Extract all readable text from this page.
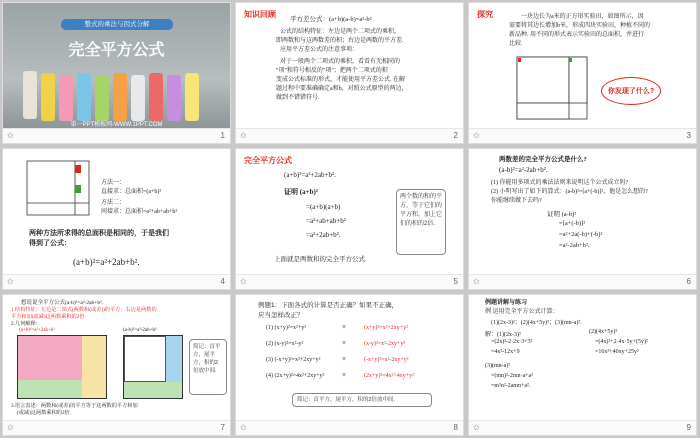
整式的乘法与因式分解
完全平方公式
第一PPT模板网-WWW.1PPT.COM
✩	1
知识回顾
平方差公式：(a+b)(a-b)=a²-b²
公式的结构特征：左边是两个二项式的乘积，
即两数和与这两数差的积；右边是两数的平方差.
应用平方差公式的注意事项：
对于一般两个二项式的乘积，看看有无相同的
"项"和符号相反的"项"；把两个二项式的积
变成公式标准的形式，才能使用平方差公式. 在解
题过程中要准确确定a和b，对照公式原型的两边，
做到不错错符号.
✩	2
探究	一块边长为a米的正方形实验田，如图所示，因
需要将其边长增加b米，形成四块实验田，种植不同的
新品种. 用不同的形式表示实验田的总面积，并进行
比较.
你发现了什么?
✩	3
方法一：
直接求：总面积=(a+b)²
方法二：
间接求：总面积=a²+ab+ab+b²
两种方法所求得的总面积是相同的，于是我们
得到了公式：
(a+b)²=a²+2ab+b².
✩	4
完全平方公式
(a+b)²=a²+2ab+b².
证明 (a+b)²
=(a+b)(a+b)
=a²+ab+ab+b²
=a²+2ab+b².
两个数的和的平方，等于它们的平方和，加上它们的积的2倍.
上面就是两数和的完全平方公式.
✩	5
两数差的完全平方公式是什么?
(a-b)²=a²-2ab+b².
(1) 你能用多项式的乘法法则来说明这个公式成立吗?
(2) 小明写出了如下的算式：(a-b)²=[a+(-b)]²，他是怎么想的?
你能继续做下去吗?
证明 (a-b)²
=[a+(-b)]²
=a²+2a(-b)+(-b)²
=a²-2ab+b².
✩	6
想说说全平方公式(a-b)²=a²-2ab+b².
1.结构特征：左边是二项式(两数和(或差))的平方；右边是两数的
平方和加(或减)这两数乘积的2倍.
2.几何解释：
(a+b)²=a²+2ab+b²	(a-b)²=a²-2ab+b²
简记：首平方，尾平方，积的2倍放中间.
3.语言表述：两数和(或差)的平方等于这两数的平方和加
(或减)这两数乘积的2倍.
✩	7
例题1：下面各式的计算是否正确？如果不正确，
应当怎样改正？
(1) (x+y)²=x²+y²	×	(x+y)²=x²+2xy+y²
(2) (x-y)²=x²-y²	×	(x-y)²=x²-2xy+y²
(3) (-x+y)²=x²+2xy+y²	×	(-x+y)²=x²-2xy+y²
(4) (2x+y)²=4x²+2xy+y²	×	(2x+y)²=4x²+4xy+y²
简记：首平方，尾平方，积的2倍放中间.
✩	8
例题讲解与练习
例 运用完全平方公式计算：
(1)(2x-3)²；(2)(4x+5y)²；(3)(mn-a)².
解：(1)(2x-3)²
=(2x)²-2·2x·3+3²
=4x²-12x+9
(2)(4x+5y)²
=(4x)²+2·4x·5y+(5y)²
=16x²+40xy+25y²
(3)(mn-a)²
=(mn)²-2mn·a+a²
=m²n²-2amn+a².
✩	9
